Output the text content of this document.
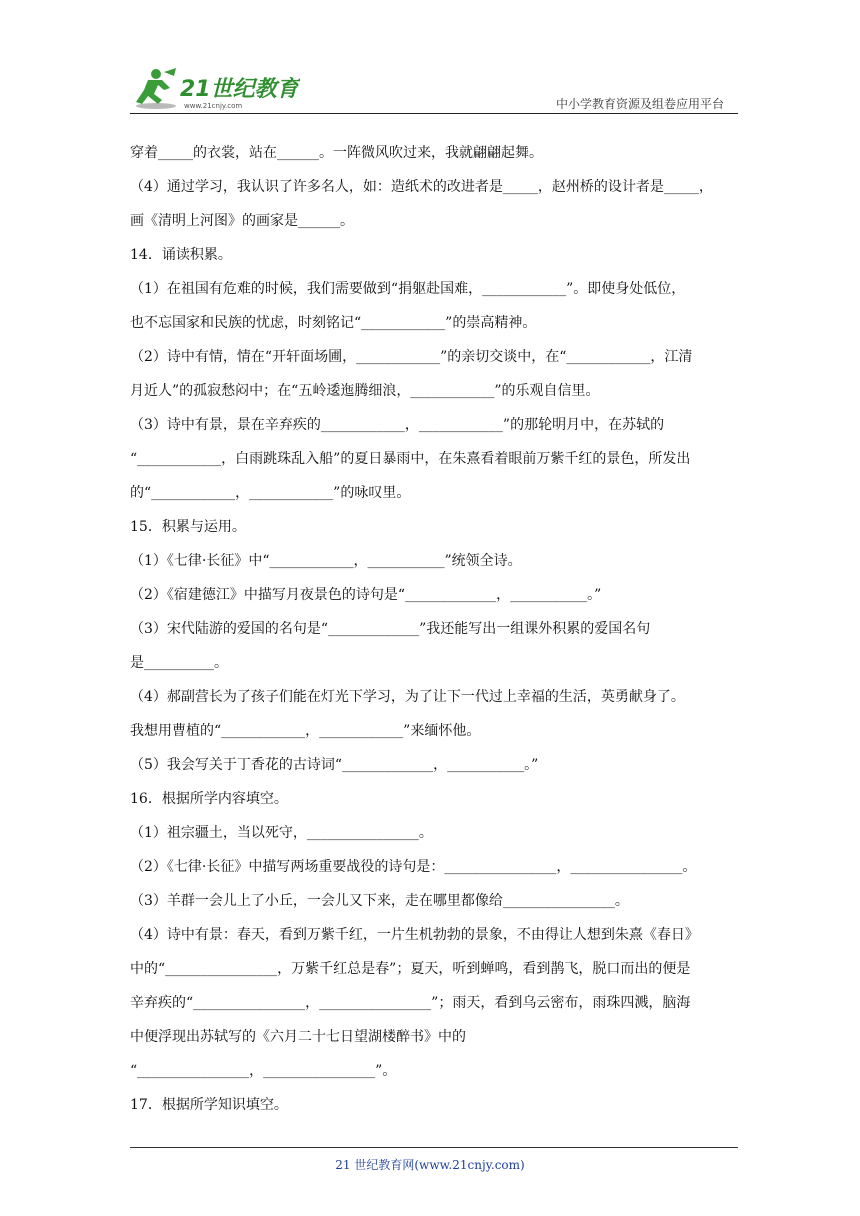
21世纪教育
www.21cnjy.com	中小学教育资源及组卷应用平台
穿着_____的衣裳，站在______。一阵微风吹过来，我就翩翩起舞。
（4）通过学习，我认识了许多名人，如：造纸术的改进者是_____，赵州桥的设计者是_____，
画《清明上河图》的画家是______。
14．诵读积累。
（1）在祖国有危难的时候，我们需要做到“捐躯赴国难，____________”。即使身处低位，
也不忘国家和民族的忧虑，时刻铭记“____________”的崇高精神。
（2）诗中有情，情在“开轩面场圃，____________”的亲切交谈中，在“____________，江清
月近人”的孤寂愁闷中；在“五岭逶迤腾细浪，____________”的乐观自信里。
（3）诗中有景，景在辛弃疾的____________，____________”的那轮明月中，在苏轼的
“____________，白雨跳珠乱入船”的夏日暴雨中，在朱熹看着眼前万紫千红的景色，所发出
的“____________，____________”的咏叹里。
15．积累与运用。
（1）《七律·长征》中“____________，___________”统领全诗。
（2）《宿建德江》中描写月夜景色的诗句是“_____________，___________。”
（3）宋代陆游的爱国的名句是“_____________”我还能写出一组课外积累的爱国名句
是__________。
（4）郝副营长为了孩子们能在灯光下学习，为了让下一代过上幸福的生活，英勇献身了。
我想用曹植的“____________，____________”来缅怀他。
（5）我会写关于丁香花的古诗词“_____________，___________。”
16．根据所学内容填空。
（1）祖宗疆土，当以死守，________________。
（2）《七律·长征》中描写两场重要战役的诗句是：________________，________________。
（3）羊群一会儿上了小丘，一会儿又下来，走在哪里都像给________________。
（4）诗中有景：春天，看到万紫千红，一片生机勃勃的景象，不由得让人想到朱熹《春日》
中的“________________，万紫千红总是春”；夏天，听到蝉鸣，看到鹊飞，脱口而出的便是
辛弃疾的“________________，________________”；雨天，看到乌云密布，雨珠四溅，脑海
中便浮现出苏轼写的《六月二十七日望湖楼醉书》中的
“________________，________________”。
17．根据所学知识填空。
21 世纪教育网(www.21cnjy.com)
